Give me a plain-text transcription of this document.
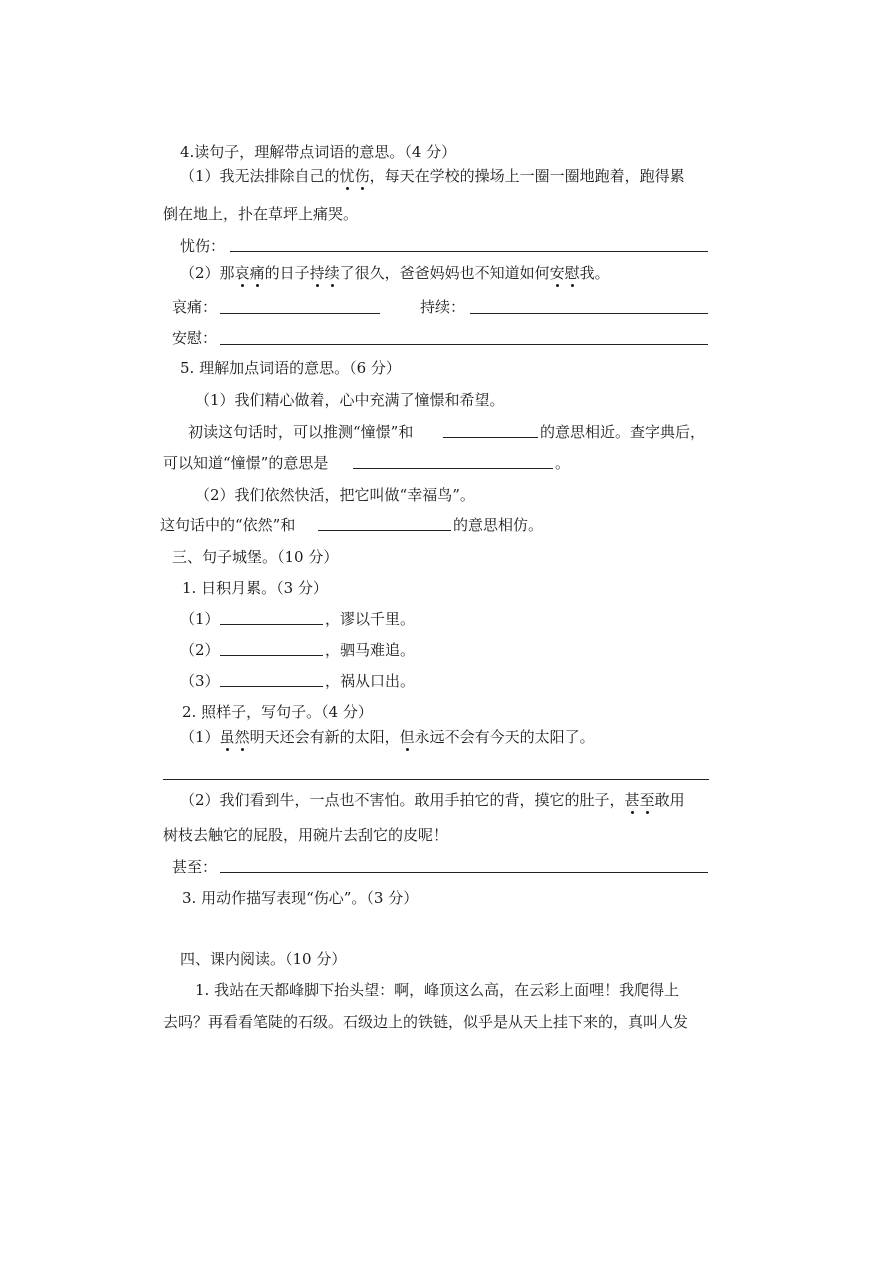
4.读句子，理解带点词语的意思。（4 分）
（1）我无法排除自己的忧伤，每天在学校的操场上一圈一圈地跑着，跑得累
倒在地上，扑在草坪上痛哭。
忧伤：
（2）那哀痛的日子持续了很久，爸爸妈妈也不知道如何安慰我。
哀痛：	持续：
安慰：
5. 理解加点词语的意思。（6 分）
（1）我们精心做着，心中充满了憧憬和希望。
初读这句话时，可以推测“憧憬”和	的意思相近。查字典后，
可以知道“憧憬”的意思是	。
（2）我们依然快活，把它叫做“幸福鸟”。
这句话中的“依然”和	的意思相仿。
三、句子城堡。（10 分）
1. 日积月累。（3 分）
（1）	，谬以千里。
（2）	，驷马难追。
（3）	，祸从口出。
2. 照样子，写句子。（4 分）
（1）虽然明天还会有新的太阳，但永远不会有今天的太阳了。
（2）我们看到牛，一点也不害怕。敢用手拍它的背，摸它的肚子，甚至敢用
树枝去触它的屁股，用碗片去刮它的皮呢！
甚至：
3. 用动作描写表现“伤心”。（3 分）
四、课内阅读。（10 分）
1. 我站在天都峰脚下抬头望：啊，峰顶这么高，在云彩上面哩！我爬得上
去吗？再看看笔陡的石级。石级边上的铁链，似乎是从天上挂下来的，真叫人发
